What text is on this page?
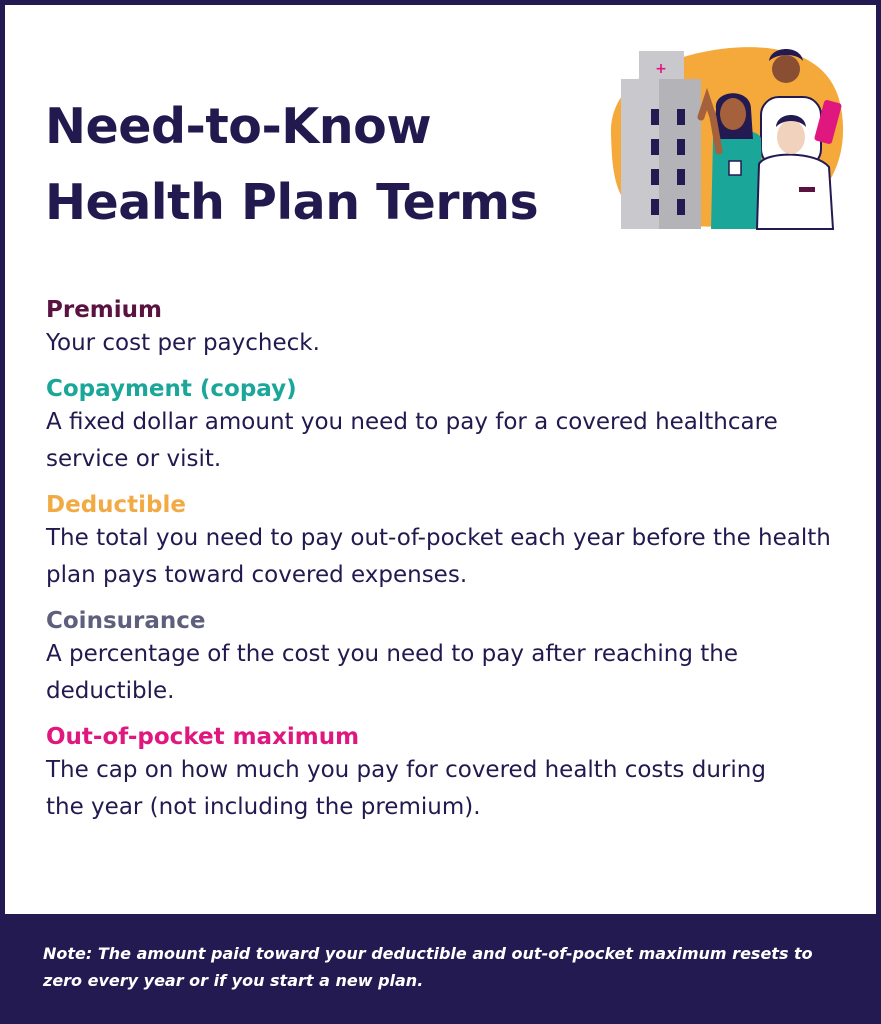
Need-to-Know
Health Plan Terms
+

Premium

Your cost per paycheck.

Copayment (copay)

A fixed dollar amount you need to pay for a covered healthcare service or visit.

Deductible

The total you need to pay out-of-pocket each year before the health plan pays toward covered expenses.

Coinsurance

A percentage of the cost you need to pay after reaching the deductible.

Out-of-pocket maximum

The cap on how much you pay for covered health costs during the year (not including the premium).

Note: The amount paid toward your deductible and out-of-pocket maximum resets to zero every year or if you start a new plan.
